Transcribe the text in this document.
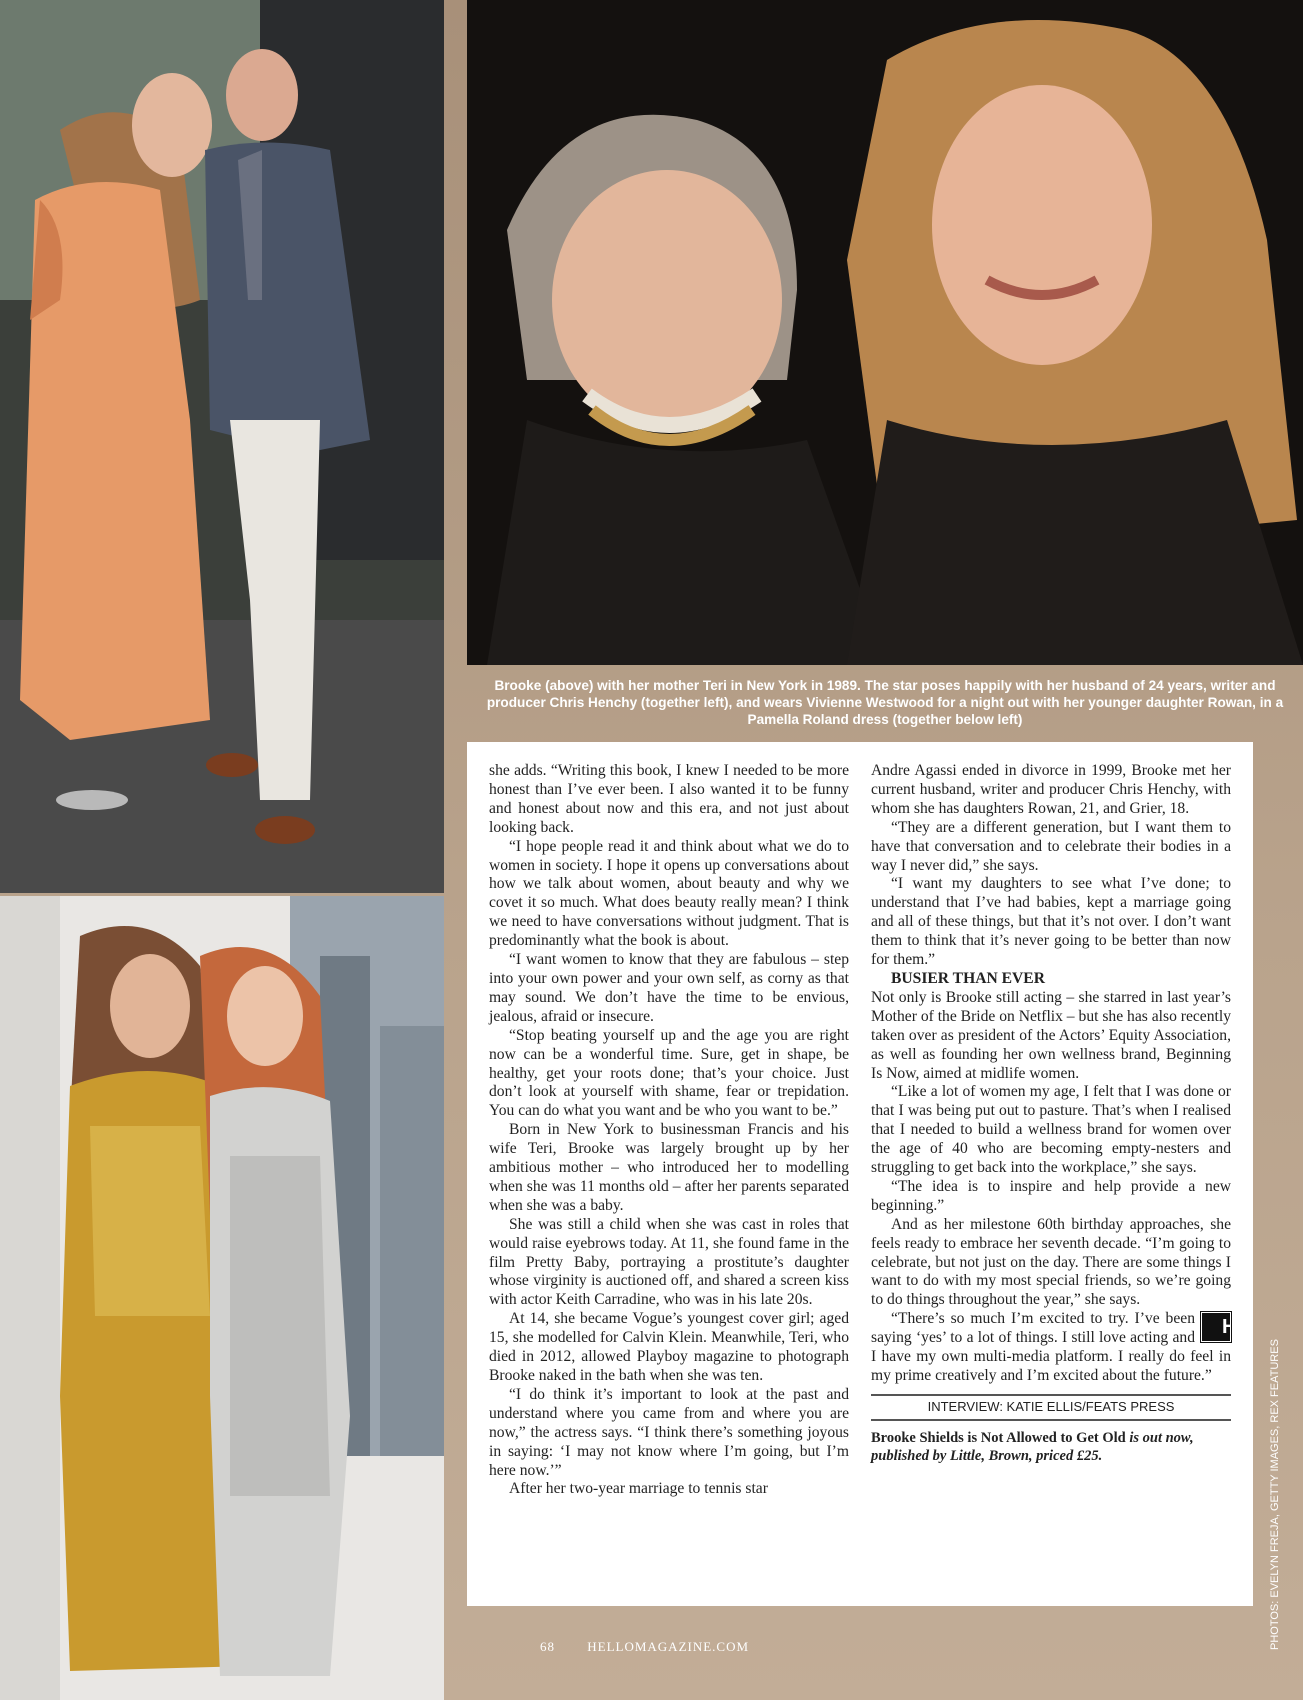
Brooke (above) with her mother Teri in New York in 1989. The star poses happily with her husband of 24 years, writer and producer Chris Henchy (together left), and wears Vivienne Westwood for a night out with her younger daughter Rowan, in a Pamella Roland dress (together below left)

she adds. “Writing this book, I knew I needed to be more honest than I’ve ever been. I also wanted it to be funny and honest about now and this era, and not just about looking back.

“I hope people read it and think about what we do to women in society. I hope it opens up conversations about how we talk about women, about beauty and why we covet it so much. What does beauty really mean? I think we need to have conversations without judgment. That is predominantly what the book is about.

“I want women to know that they are fabulous – step into your own power and your own self, as corny as that may sound. We don’t have the time to be envious, jealous, afraid or insecure.

“Stop beating yourself up and the age you are right now can be a wonderful time. Sure, get in shape, be healthy, get your roots done; that’s your choice. Just don’t look at yourself with shame, fear or trepidation. You can do what you want and be who you want to be.”

Born in New York to businessman Francis and his wife Teri, Brooke was largely brought up by her ambitious mother – who introduced her to modelling when she was 11 months old – after her parents separated when she was a baby.

She was still a child when she was cast in roles that would raise eyebrows today. At 11, she found fame in the film Pretty Baby, portraying a prostitute’s daughter whose virginity is auctioned off, and shared a screen kiss with actor Keith Carradine, who was in his late 20s.

At 14, she became Vogue’s youngest cover girl; aged 15, she modelled for Calvin Klein. Meanwhile, Teri, who died in 2012, allowed Playboy magazine to photograph Brooke naked in the bath when she was ten.

“I do think it’s important to look at the past and understand where you came from and where you are now,” the actress says. “I think there’s something joyous in saying: ‘I may not know where I’m going, but I’m here now.’”

After her two-year marriage to tennis star

Andre Agassi ended in divorce in 1999, Brooke met her current husband, writer and producer Chris Henchy, with whom she has daughters Rowan, 21, and Grier, 18.

“They are a different generation, but I want them to have that conversation and to celebrate their bodies in a way I never did,” she says.

“I want my daughters to see what I’ve done; to understand that I’ve had babies, kept a marriage going and all of these things, but that it’s not over. I don’t want them to think that it’s never going to be better than now for them.”

BUSIER THAN EVER

Not only is Brooke still acting – she starred in last year’s Mother of the Bride on Netflix – but she has also recently taken over as president of the Actors’ Equity Association, as well as founding her own wellness brand, Beginning Is Now, aimed at midlife women.

“Like a lot of women my age, I felt that I was done or that I was being put out to pasture. That’s when I realised that I needed to build a wellness brand for women over the age of 40 who are becoming empty-nesters and struggling to get back into the workplace,” she says.

“The idea is to inspire and help provide a new beginning.”

And as her milestone 60th birthday approaches, she feels ready to embrace her seventh decade. “I’m going to celebrate, but not just on the day. There are some things I want to do with my most special friends, so we’re going to do things throughout the year,” she says.

H
“There’s so much I’m excited to try. I’ve been saying ‘yes’ to a lot of things. I still love acting and I have my own multi-media platform. I really do feel in my prime creatively and I’m excited about the future.”

INTERVIEW: KATIE ELLIS/FEATS PRESS
Brooke Shields is Not Allowed to Get Old is out now, published by Little, Brown, priced £25.
68 HELLOMAGAZINE.COM	PHOTOS: EVELYN FREJA, GETTY IMAGES, REX FEATURES
